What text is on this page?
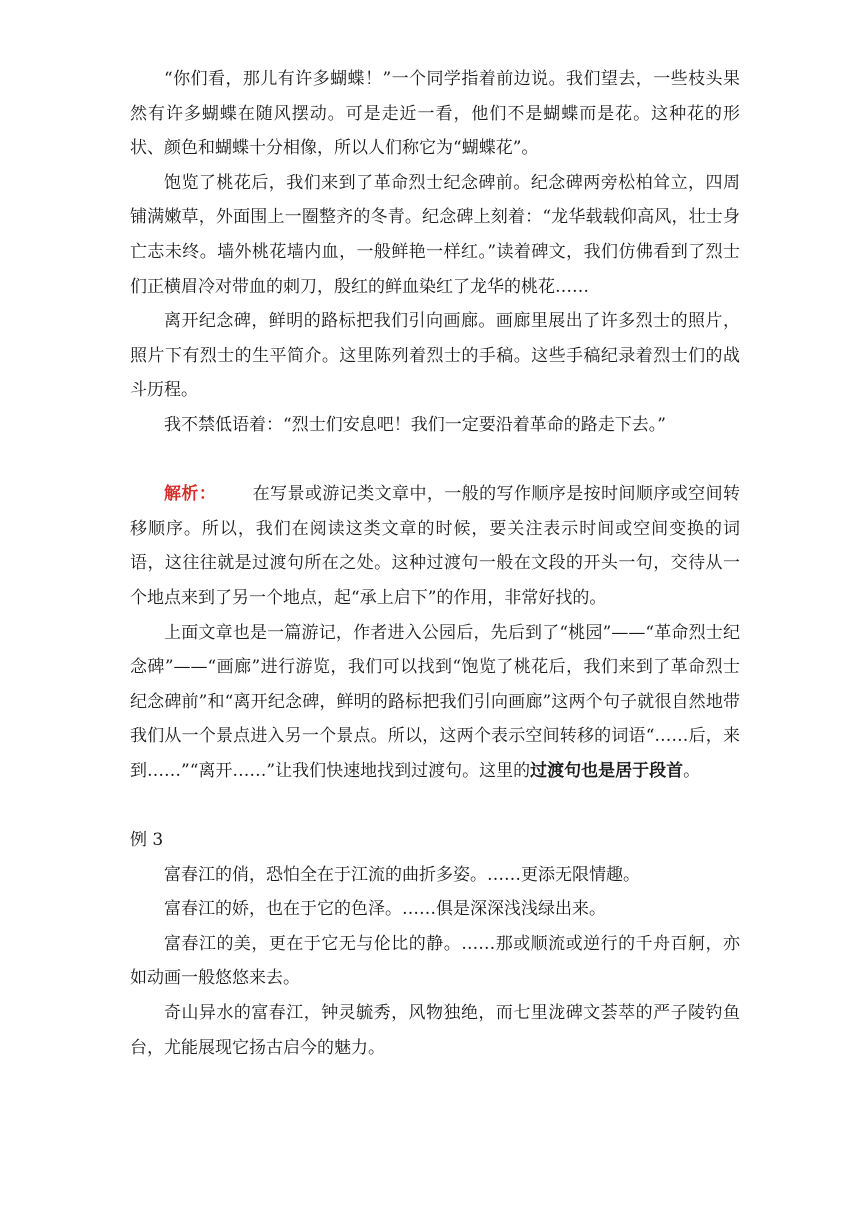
“你们看，那儿有许多蝴蝶！”一个同学指着前边说。我们望去，一些枝头果然有许多蝴蝶在随风摆动。可是走近一看，他们不是蝴蝶而是花。这种花的形状、颜色和蝴蝶十分相像，所以人们称它为“蝴蝶花”。

饱览了桃花后，我们来到了革命烈士纪念碑前。纪念碑两旁松柏耸立，四周铺满嫩草，外面围上一圈整齐的冬青。纪念碑上刻着：“龙华载载仰高风，壮士身亡志未终。墙外桃花墙内血，一般鲜艳一样红。”读着碑文，我们仿佛看到了烈士们正横眉冷对带血的刺刀，殷红的鲜血染红了龙华的桃花……

离开纪念碑，鲜明的路标把我们引向画廊。画廊里展出了许多烈士的照片，照片下有烈士的生平简介。这里陈列着烈士的手稿。这些手稿纪录着烈士们的战斗历程。

我不禁低语着：“烈士们安息吧！我们一定要沿着革命的路走下去。”

解析： 在写景或游记类文章中，一般的写作顺序是按时间顺序或空间转移顺序。所以，我们在阅读这类文章的时候，要关注表示时间或空间变换的词语，这往往就是过渡句所在之处。这种过渡句一般在文段的开头一句，交待从一个地点来到了另一个地点，起“承上启下”的作用，非常好找的。

上面文章也是一篇游记，作者进入公园后，先后到了“桃园”——“革命烈士纪念碑”——“画廊”进行游览，我们可以找到“饱览了桃花后，我们来到了革命烈士纪念碑前”和“离开纪念碑，鲜明的路标把我们引向画廊”这两个句子就很自然地带我们从一个景点进入另一个景点。所以，这两个表示空间转移的词语“……后，来到……”“离开……”让我们快速地找到过渡句。这里的过渡句也是居于段首。

例 3

富春江的俏，恐怕全在于江流的曲折多姿。……更添无限情趣。

富春江的娇，也在于它的色泽。……俱是深深浅浅绿出来。

富春江的美，更在于它无与伦比的静。……那或顺流或逆行的千舟百舸，亦如动画一般悠悠来去。

奇山异水的富春江，钟灵毓秀，风物独绝，而七里泷碑文荟萃的严子陵钓鱼台，尤能展现它扬古启今的魅力。
